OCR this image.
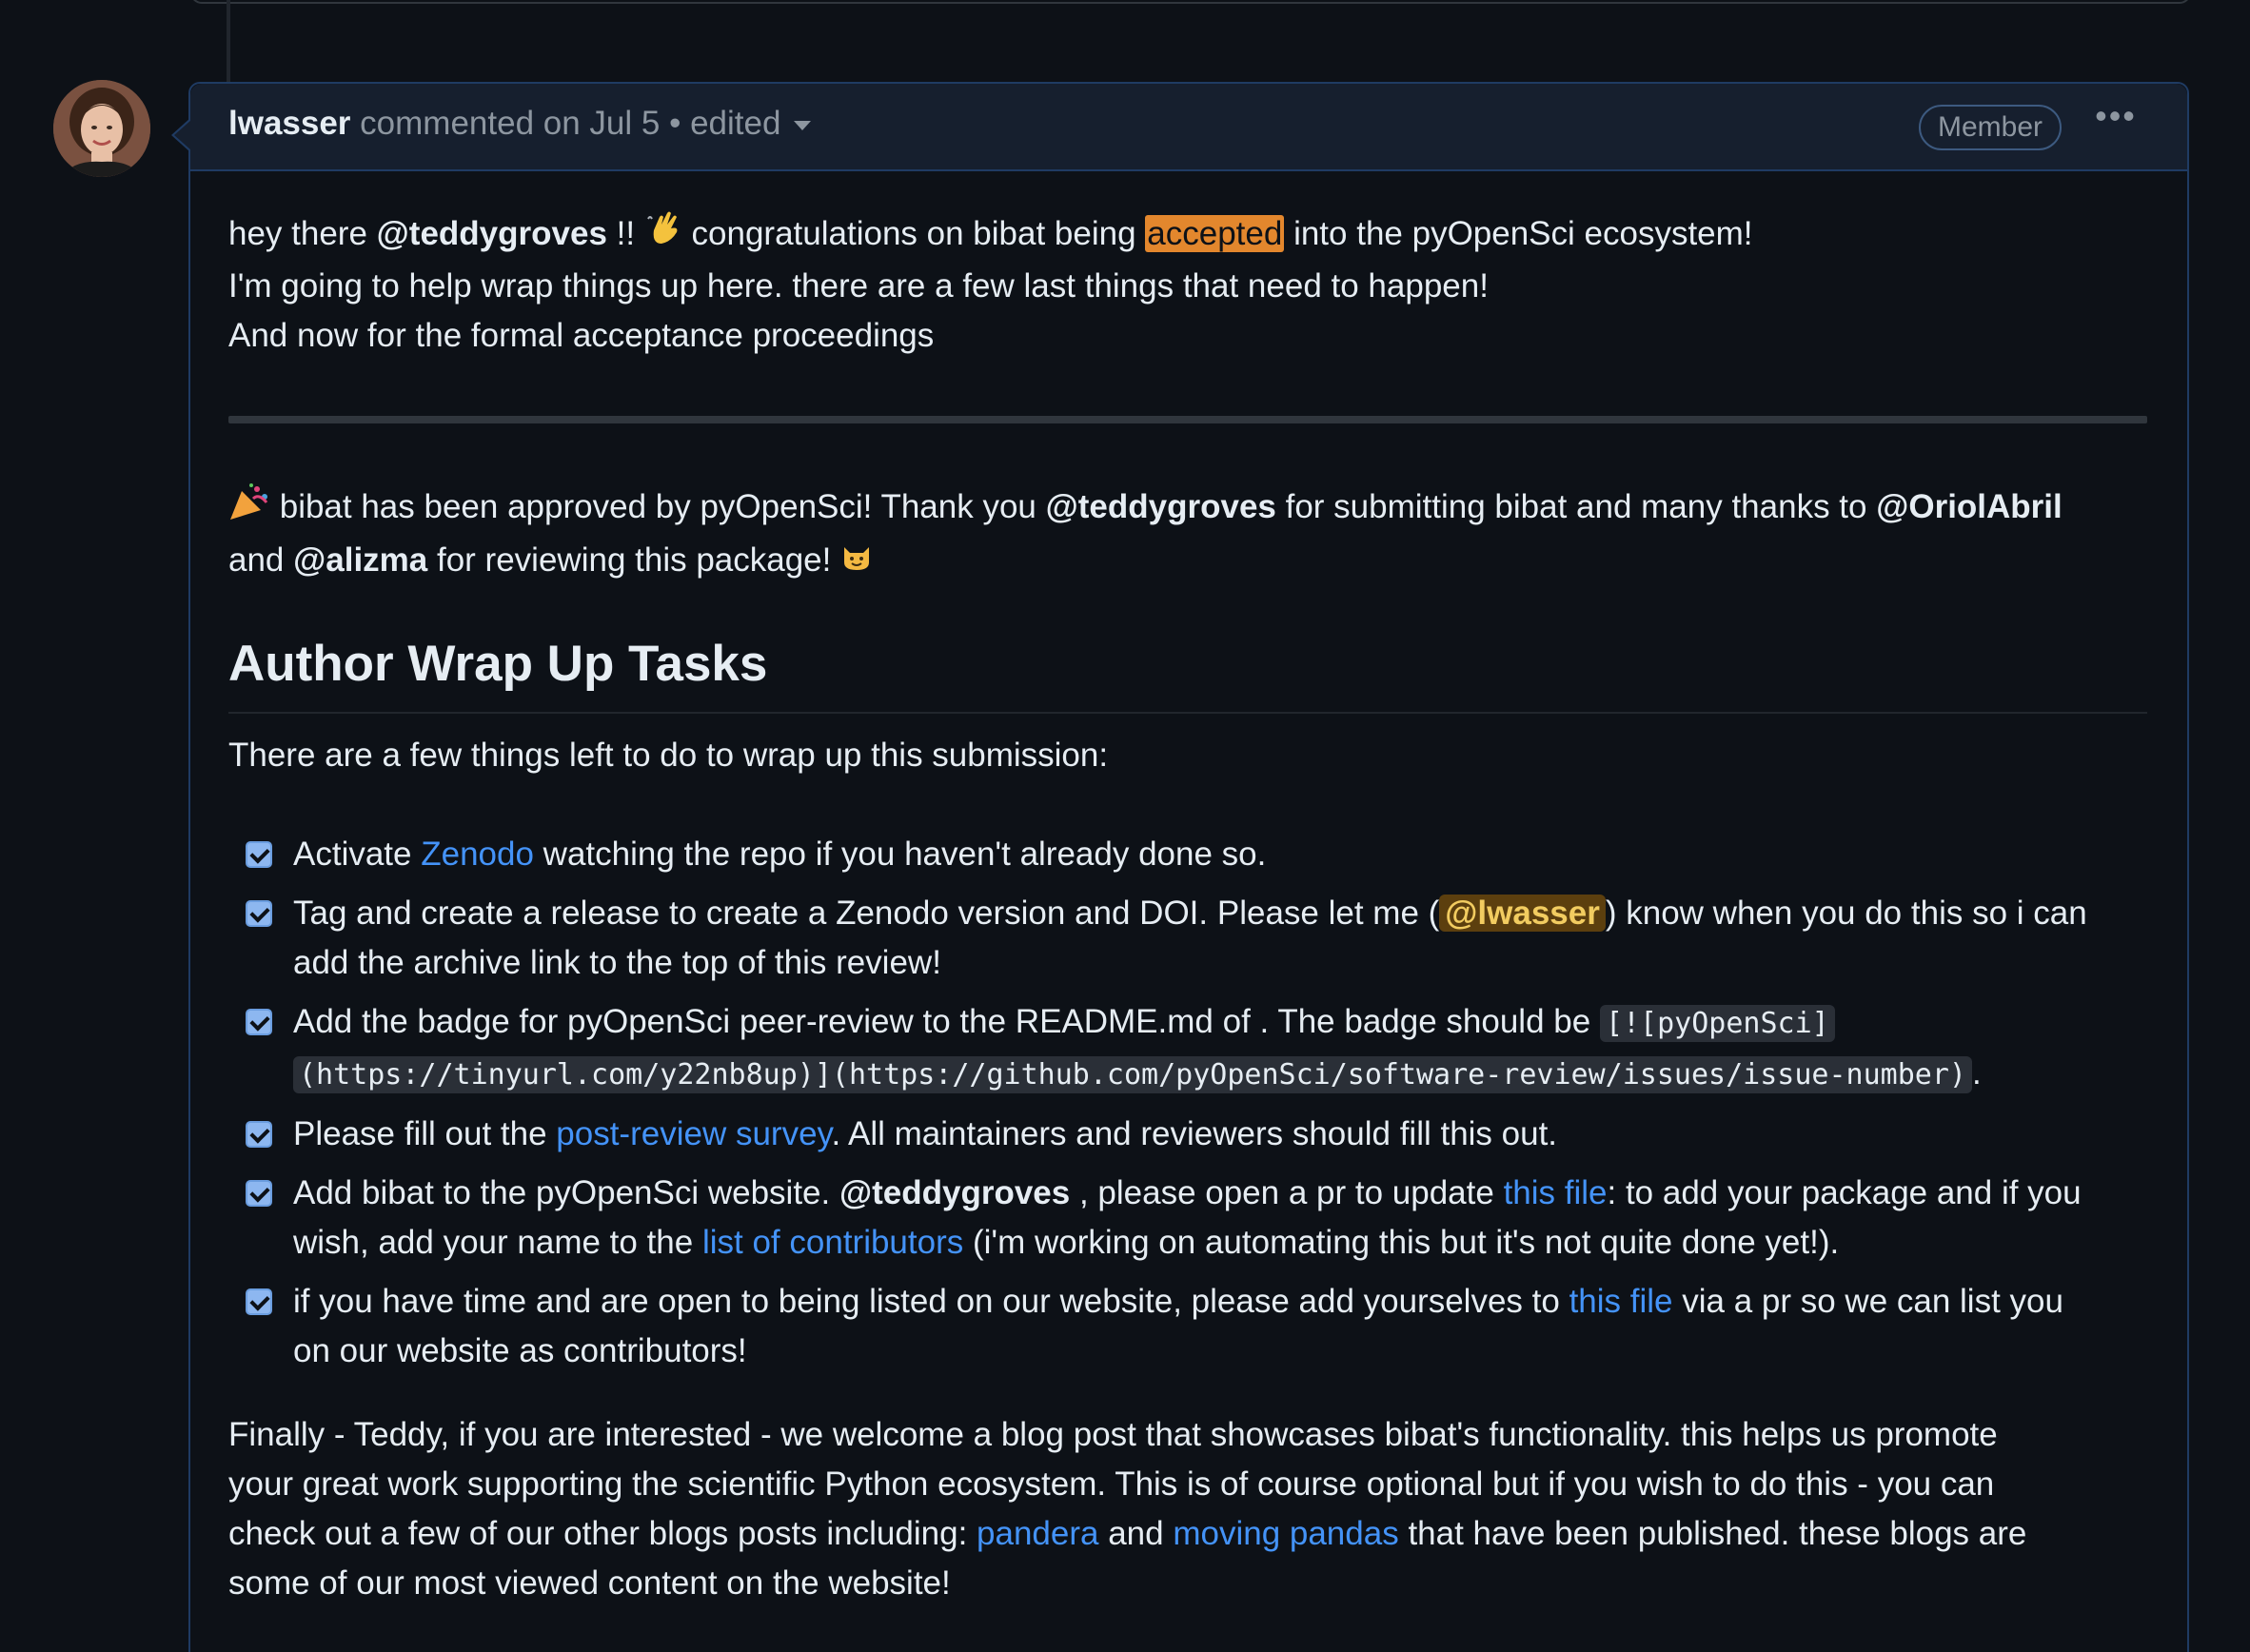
lwasser commented on Jul 5 • edited	Member	•••

hey there @teddygroves !!  congratulations on bibat being accepted into the pyOpenSci ecosystem!

I'm going to help wrap things up here. there are a few last things that need to happen!

And now for the formal acceptance proceedings

bibat has been approved by pyOpenSci! Thank you @teddygroves for submitting bibat and many thanks to @OriolAbril

and @alizma for reviewing this package!

Author Wrap Up Tasks

There are a few things left to do to wrap up this submission:

Activate Zenodo watching the repo if you haven't already done so.
Tag and create a release to create a Zenodo version and DOI. Please let me ( @lwasser ) know when you do this so i can
add the archive link to the top of this review!
Add the badge for pyOpenSci peer-review to the README.md of . The badge should be [![pyOpenSci]
(https://tinyurl.com/y22nb8up)](https://github.com/pyOpenSci/software-review/issues/issue-number) .
Please fill out the post-review survey. All maintainers and reviewers should fill this out.
Add bibat to the pyOpenSci website. @teddygroves , please open a pr to update this file: to add your package and if you
wish, add your name to the list of contributors (i'm working on automating this but it's not quite done yet!).
if you have time and are open to being listed on our website, please add yourselves to this file via a pr so we can list you
on our website as contributors!

Finally - Teddy, if you are interested - we welcome a blog post that showcases bibat's functionality. this helps us promote

your great work supporting the scientific Python ecosystem. This is of course optional but if you wish to do this - you can

check out a few of our other blogs posts including: pandera and moving pandas that have been published. these blogs are

some of our most viewed content on the website!
